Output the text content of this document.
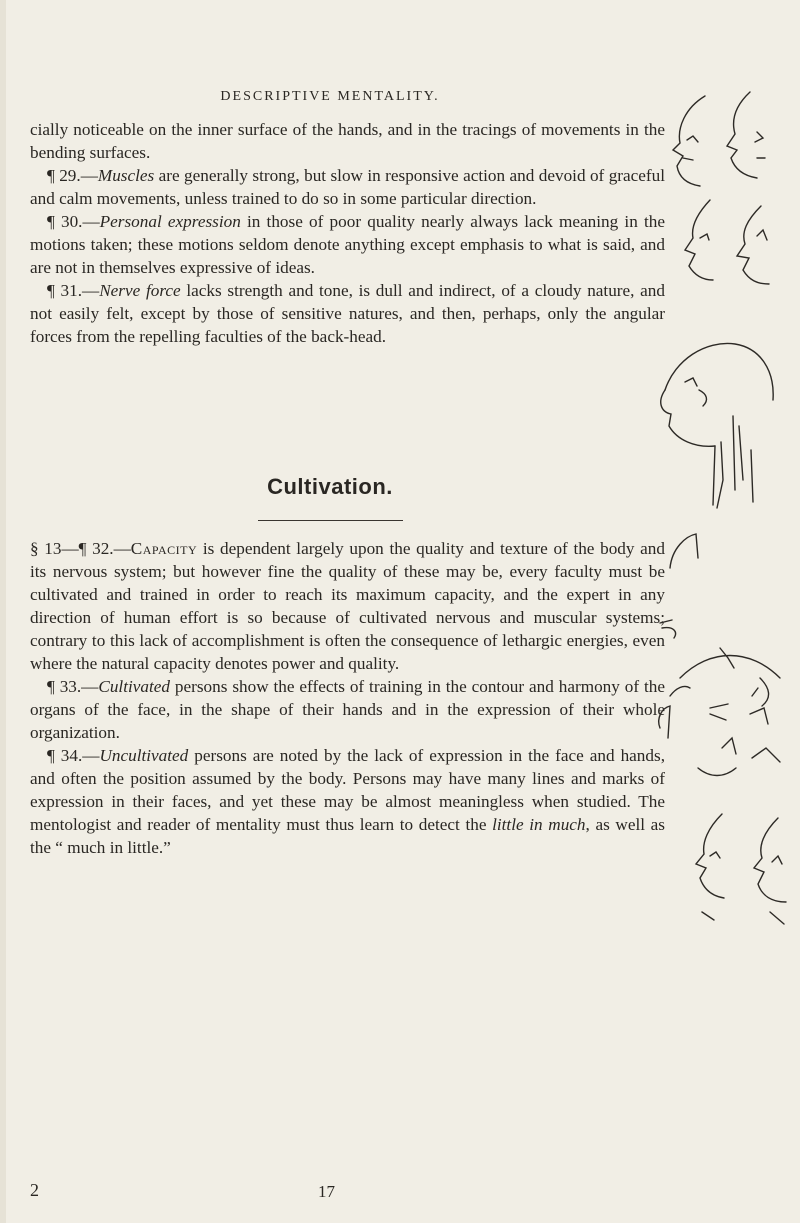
DESCRIPTIVE MENTALITY.

cially noticeable on the inner surface of the hands, and in the tracings of movements in the bending surfaces.

¶ 29.—Muscles are generally strong, but slow in responsive action and devoid of graceful and calm movements, unless trained to do so in some particular direction.

¶ 30.—Personal expression in those of poor quality nearly always lack meaning in the motions taken; these motions seldom denote anything except emphasis to what is said, and are not in themselves expressive of ideas.

¶ 31.—Nerve force lacks strength and tone, is dull and indirect, of a cloudy nature, and not easily felt, except by those of sensitive natures, and then, perhaps, only the angular forces from the repelling faculties of the back-head.

Cultivation.

§ 13—¶ 32.—Capacity is dependent largely upon the quality and texture of the body and its nervous system; but however fine the quality of these may be, every faculty must be cultivated and trained in order to reach its maximum capacity, and the expert in any direction of human effort is so because of cultivated nervous and muscular systems; contrary to this lack of accomplishment is often the consequence of lethargic energies, even where the natural capacity denotes power and quality.

¶ 33.—Cultivated persons show the effects of training in the contour and harmony of the organs of the face, in the shape of their hands and in the expression of their whole organization.

¶ 34.—Uncultivated persons are noted by the lack of expression in the face and hands, and often the position assumed by the body. Persons may have many lines and marks of expression in their faces, and yet these may be almost meaningless when studied. The mentologist and reader of mentality must thus learn to detect the little in much, as well as the “ much in little.”

2	17
